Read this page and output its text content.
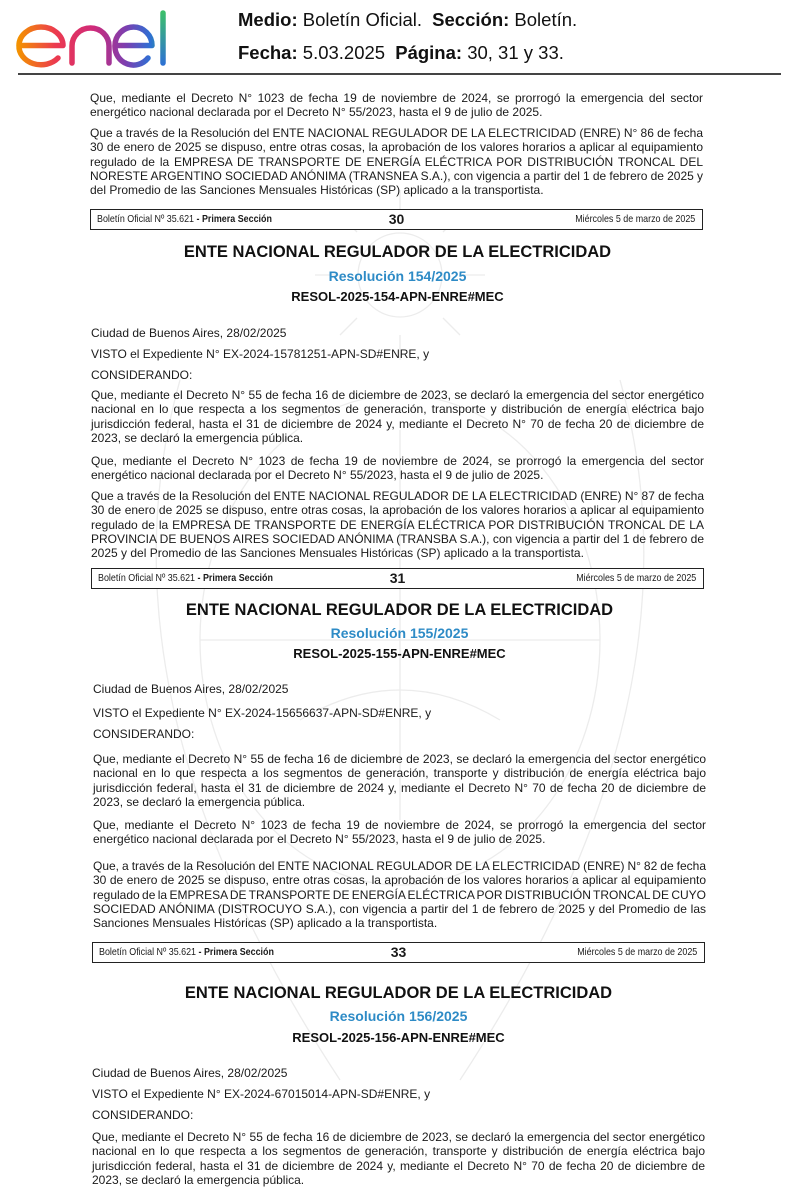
Medio: Boletín Oficial. Sección: Boletín.
Fecha: 5.03.2025 Página: 30, 31 y 33.
Que, mediante el Decreto N° 1023 de fecha 19 de noviembre de 2024, se prorrogó la emergencia del sector
energético nacional declarada por el Decreto N° 55/2023, hasta el 9 de julio de 2025.
Que a través de la Resolución del ENTE NACIONAL REGULADOR DE LA ELECTRICIDAD (ENRE) N° 86 de fecha
30 de enero de 2025 se dispuso, entre otras cosas, la aprobación de los valores horarios a aplicar al equipamiento
regulado de la EMPRESA DE TRANSPORTE DE ENERGÍA ELÉCTRICA POR DISTRIBUCIÓN TRONCAL DEL
NORESTE ARGENTINO SOCIEDAD ANÓNIMA (TRANSNEA S.A.), con vigencia a partir del 1 de febrero de 2025 y
del Promedio de las Sanciones Mensuales Históricas (SP) aplicado a la transportista.
Boletín Oficial Nº 35.621 - Primera Sección	30	Miércoles 5 de marzo de 2025
ENTE NACIONAL REGULADOR DE LA ELECTRICIDAD
Resolución 154/2025
RESOL-2025-154-APN-ENRE#MEC
Ciudad de Buenos Aires, 28/02/2025
VISTO el Expediente N° EX-2024-15781251-APN-SD#ENRE, y
CONSIDERANDO:
Que, mediante el Decreto N° 55 de fecha 16 de diciembre de 2023, se declaró la emergencia del sector energético
nacional en lo que respecta a los segmentos de generación, transporte y distribución de energía eléctrica bajo
jurisdicción federal, hasta el 31 de diciembre de 2024 y, mediante el Decreto N° 70 de fecha 20 de diciembre de
2023, se declaró la emergencia pública.
Que, mediante el Decreto N° 1023 de fecha 19 de noviembre de 2024, se prorrogó la emergencia del sector
energético nacional declarada por el Decreto N° 55/2023, hasta el 9 de julio de 2025.
Que a través de la Resolución del ENTE NACIONAL REGULADOR DE LA ELECTRICIDAD (ENRE) N° 87 de fecha
30 de enero de 2025 se dispuso, entre otras cosas, la aprobación de los valores horarios a aplicar al equipamiento
regulado de la EMPRESA DE TRANSPORTE DE ENERGÍA ELÉCTRICA POR DISTRIBUCIÓN TRONCAL DE LA
PROVINCIA DE BUENOS AIRES SOCIEDAD ANÓNIMA (TRANSBA S.A.), con vigencia a partir del 1 de febrero de
2025 y del Promedio de las Sanciones Mensuales Históricas (SP) aplicado a la transportista.
Boletín Oficial Nº 35.621 - Primera Sección	31	Miércoles 5 de marzo de 2025
ENTE NACIONAL REGULADOR DE LA ELECTRICIDAD
Resolución 155/2025
RESOL-2025-155-APN-ENRE#MEC
Ciudad de Buenos Aires, 28/02/2025
VISTO el Expediente N° EX-2024-15656637-APN-SD#ENRE, y
CONSIDERANDO:
Que, mediante el Decreto N° 55 de fecha 16 de diciembre de 2023, se declaró la emergencia del sector energético
nacional en lo que respecta a los segmentos de generación, transporte y distribución de energía eléctrica bajo
jurisdicción federal, hasta el 31 de diciembre de 2024 y, mediante el Decreto N° 70 de fecha 20 de diciembre de
2023, se declaró la emergencia pública.
Que, mediante el Decreto N° 1023 de fecha 19 de noviembre de 2024, se prorrogó la emergencia del sector
energético nacional declarada por el Decreto N° 55/2023, hasta el 9 de julio de 2025.
Que, a través de la Resolución del ENTE NACIONAL REGULADOR DE LA ELECTRICIDAD (ENRE) N° 82 de fecha
30 de enero de 2025 se dispuso, entre otras cosas, la aprobación de los valores horarios a aplicar al equipamiento
regulado de la EMPRESA DE TRANSPORTE DE ENERGÍA ELÉCTRICA POR DISTRIBUCIÓN TRONCAL DE CUYO
SOCIEDAD ANÓNIMA (DISTROCUYO S.A.), con vigencia a partir del 1 de febrero de 2025 y del Promedio de las
Sanciones Mensuales Históricas (SP) aplicado a la transportista.
Boletín Oficial Nº 35.621 - Primera Sección	33	Miércoles 5 de marzo de 2025
ENTE NACIONAL REGULADOR DE LA ELECTRICIDAD
Resolución 156/2025
RESOL-2025-156-APN-ENRE#MEC
Ciudad de Buenos Aires, 28/02/2025
VISTO el Expediente N° EX-2024-67015014-APN-SD#ENRE, y
CONSIDERANDO:
Que, mediante el Decreto N° 55 de fecha 16 de diciembre de 2023, se declaró la emergencia del sector energético
nacional en lo que respecta a los segmentos de generación, transporte y distribución de energía eléctrica bajo
jurisdicción federal, hasta el 31 de diciembre de 2024 y, mediante el Decreto N° 70 de fecha 20 de diciembre de
2023, se declaró la emergencia pública.
